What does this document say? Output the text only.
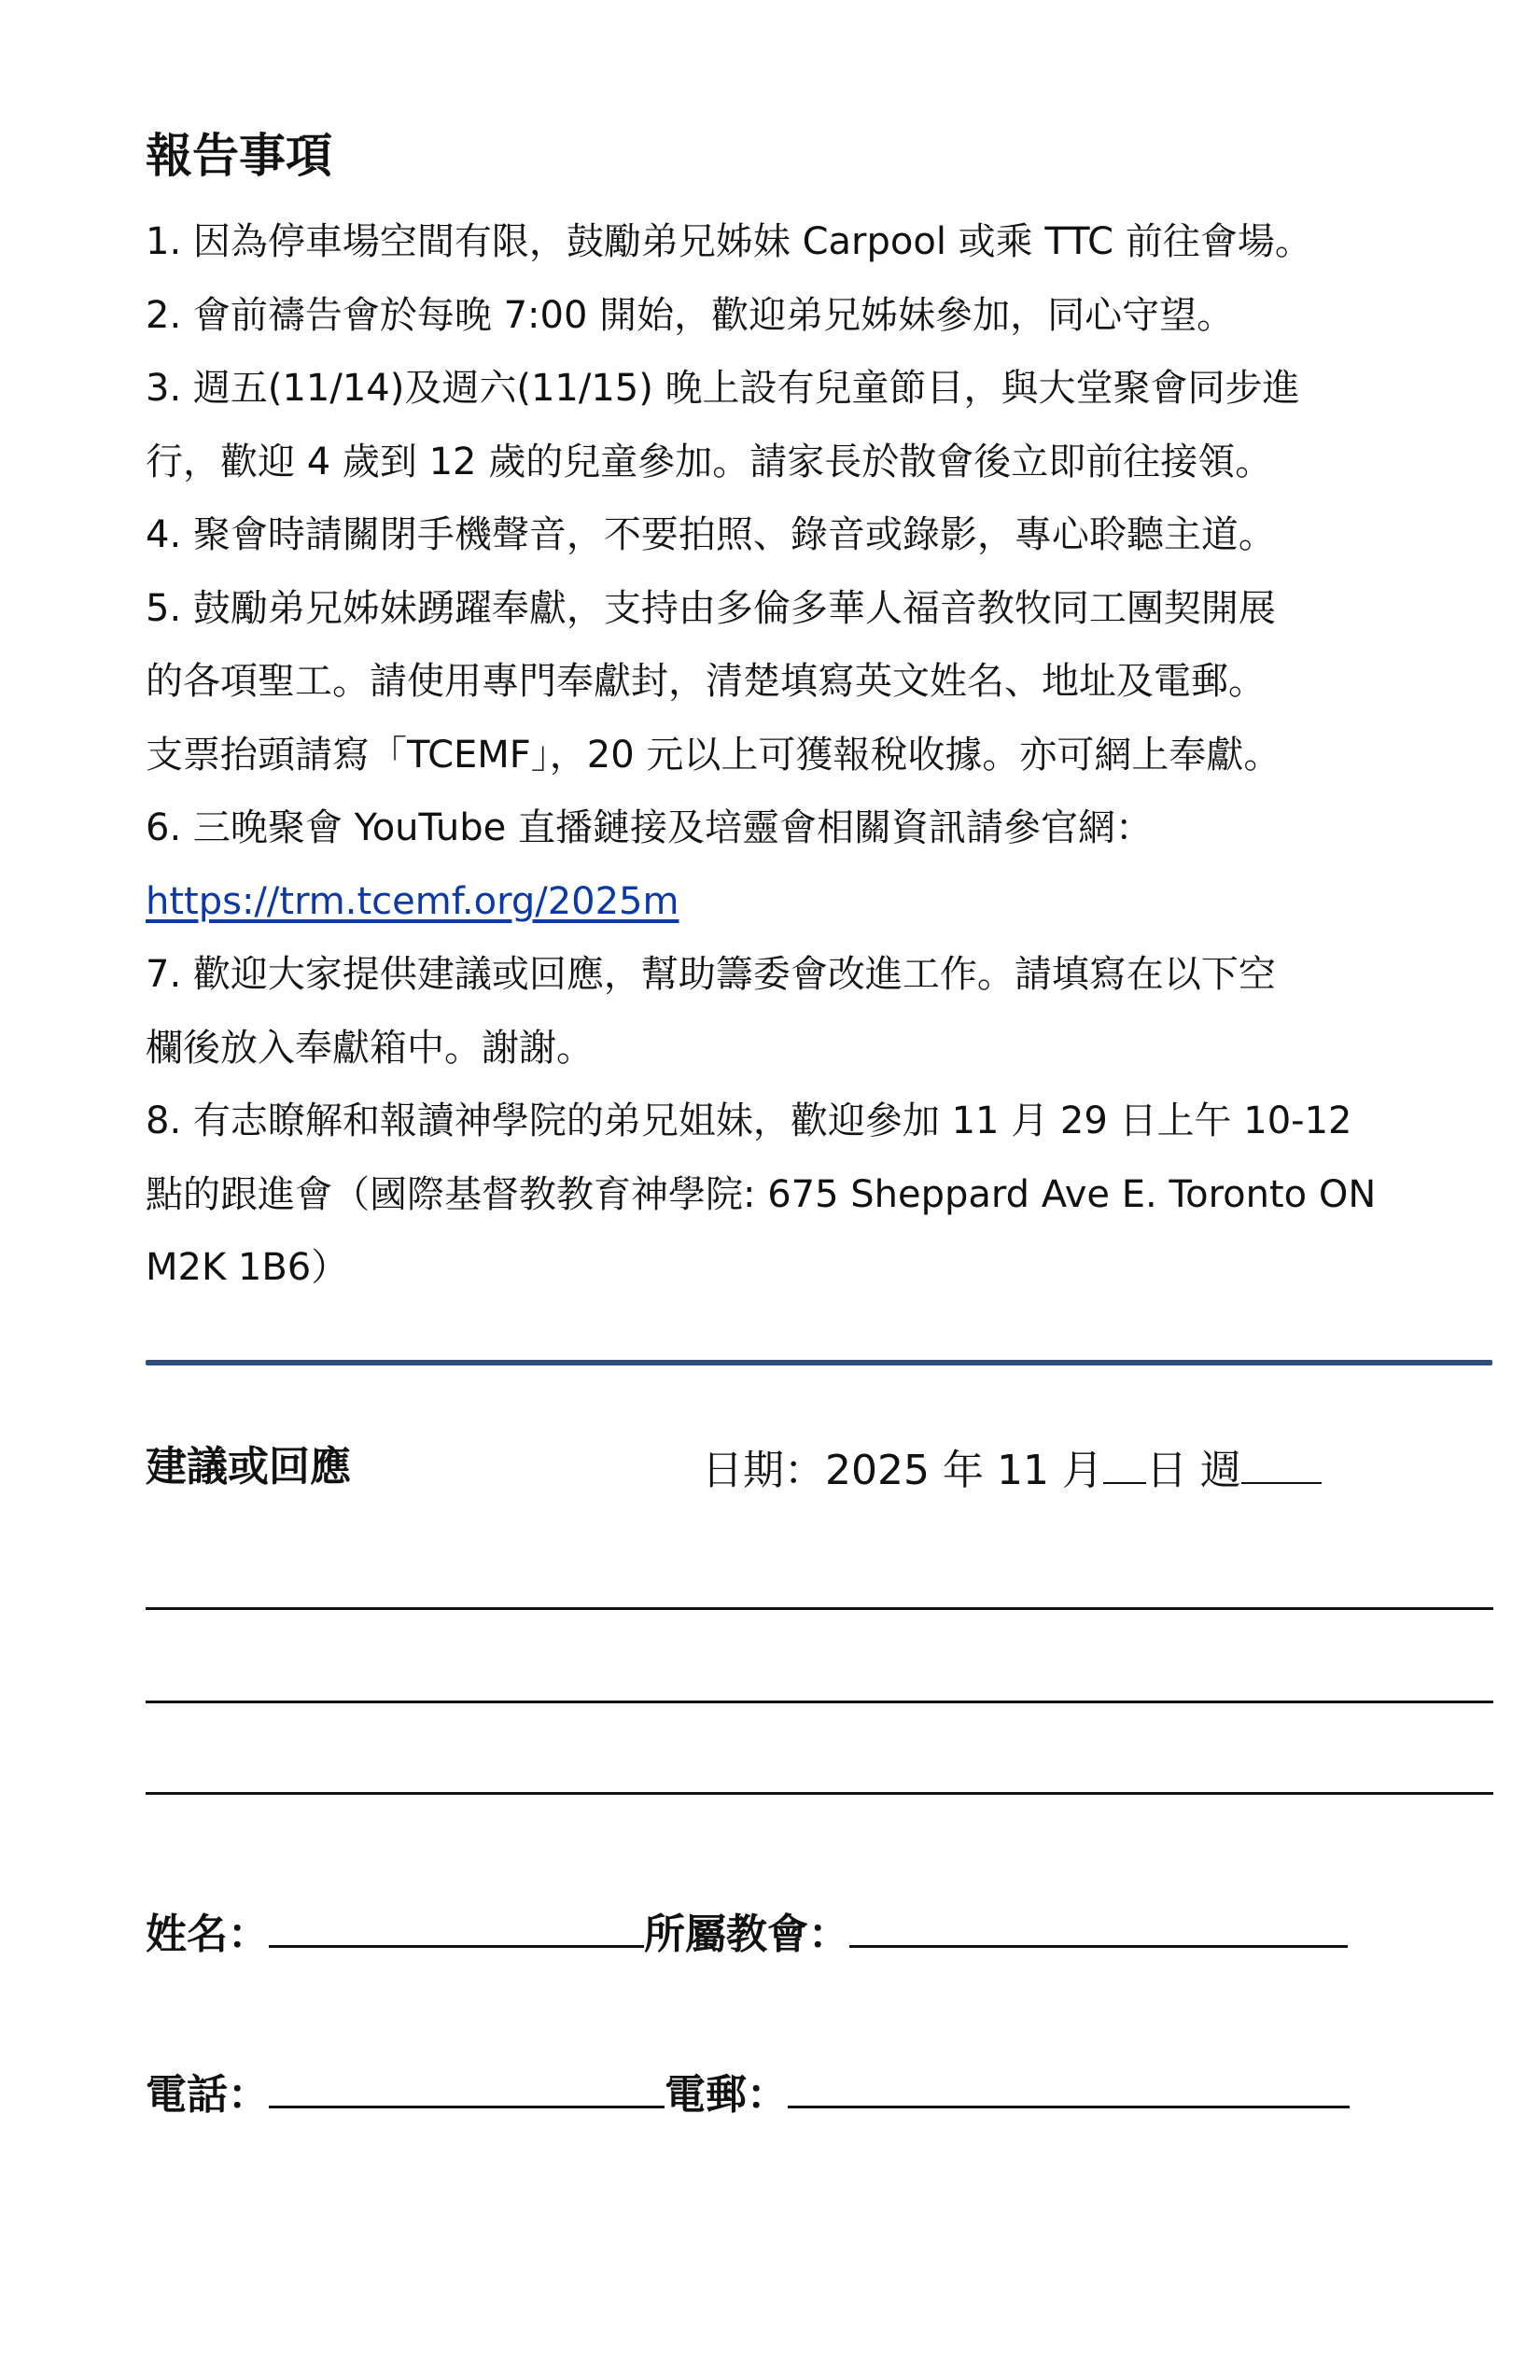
報告事項
1. 因為停車場空間有限，鼓勵弟兄姊妹 Carpool 或乘 TTC 前往會場。
2. 會前禱告會於每晚 7:00 開始，歡迎弟兄姊妹參加，同心守望。
3. 週五(11/14)及週六(11/15) 晚上設有兒童節目，與大堂聚會同步進
行，歡迎 4 歲到 12 歲的兒童參加。請家長於散會後立即前往接領。
4. 聚會時請關閉手機聲音，不要拍照、錄音或錄影，專心聆聽主道。
5. 鼓勵弟兄姊妹踴躍奉獻，支持由多倫多華人福音教牧同工團契開展
的各項聖工。請使用專門奉獻封，清楚填寫英文姓名、地址及電郵。
支票抬頭請寫「TCEMF」，20 元以上可獲報稅收據。亦可網上奉獻。
6. 三晚聚會 YouTube 直播鏈接及培靈會相關資訊請參官網：
https://trm.tcemf.org/2025m
7. 歡迎大家提供建議或回應，幫助籌委會改進工作。請填寫在以下空
欄後放入奉獻箱中。謝謝。
8. 有志瞭解和報讀神學院的弟兄姐妹，歡迎參加 11 月 29 日上午 10-12
點的跟進會（國際基督教教育神學院: 675 Sheppard Ave E. Toronto ON
M2K 1B6）
建議或回應	日期：2025 年 11 月 日 週
姓名：	所屬教會：
電話：	電郵：
